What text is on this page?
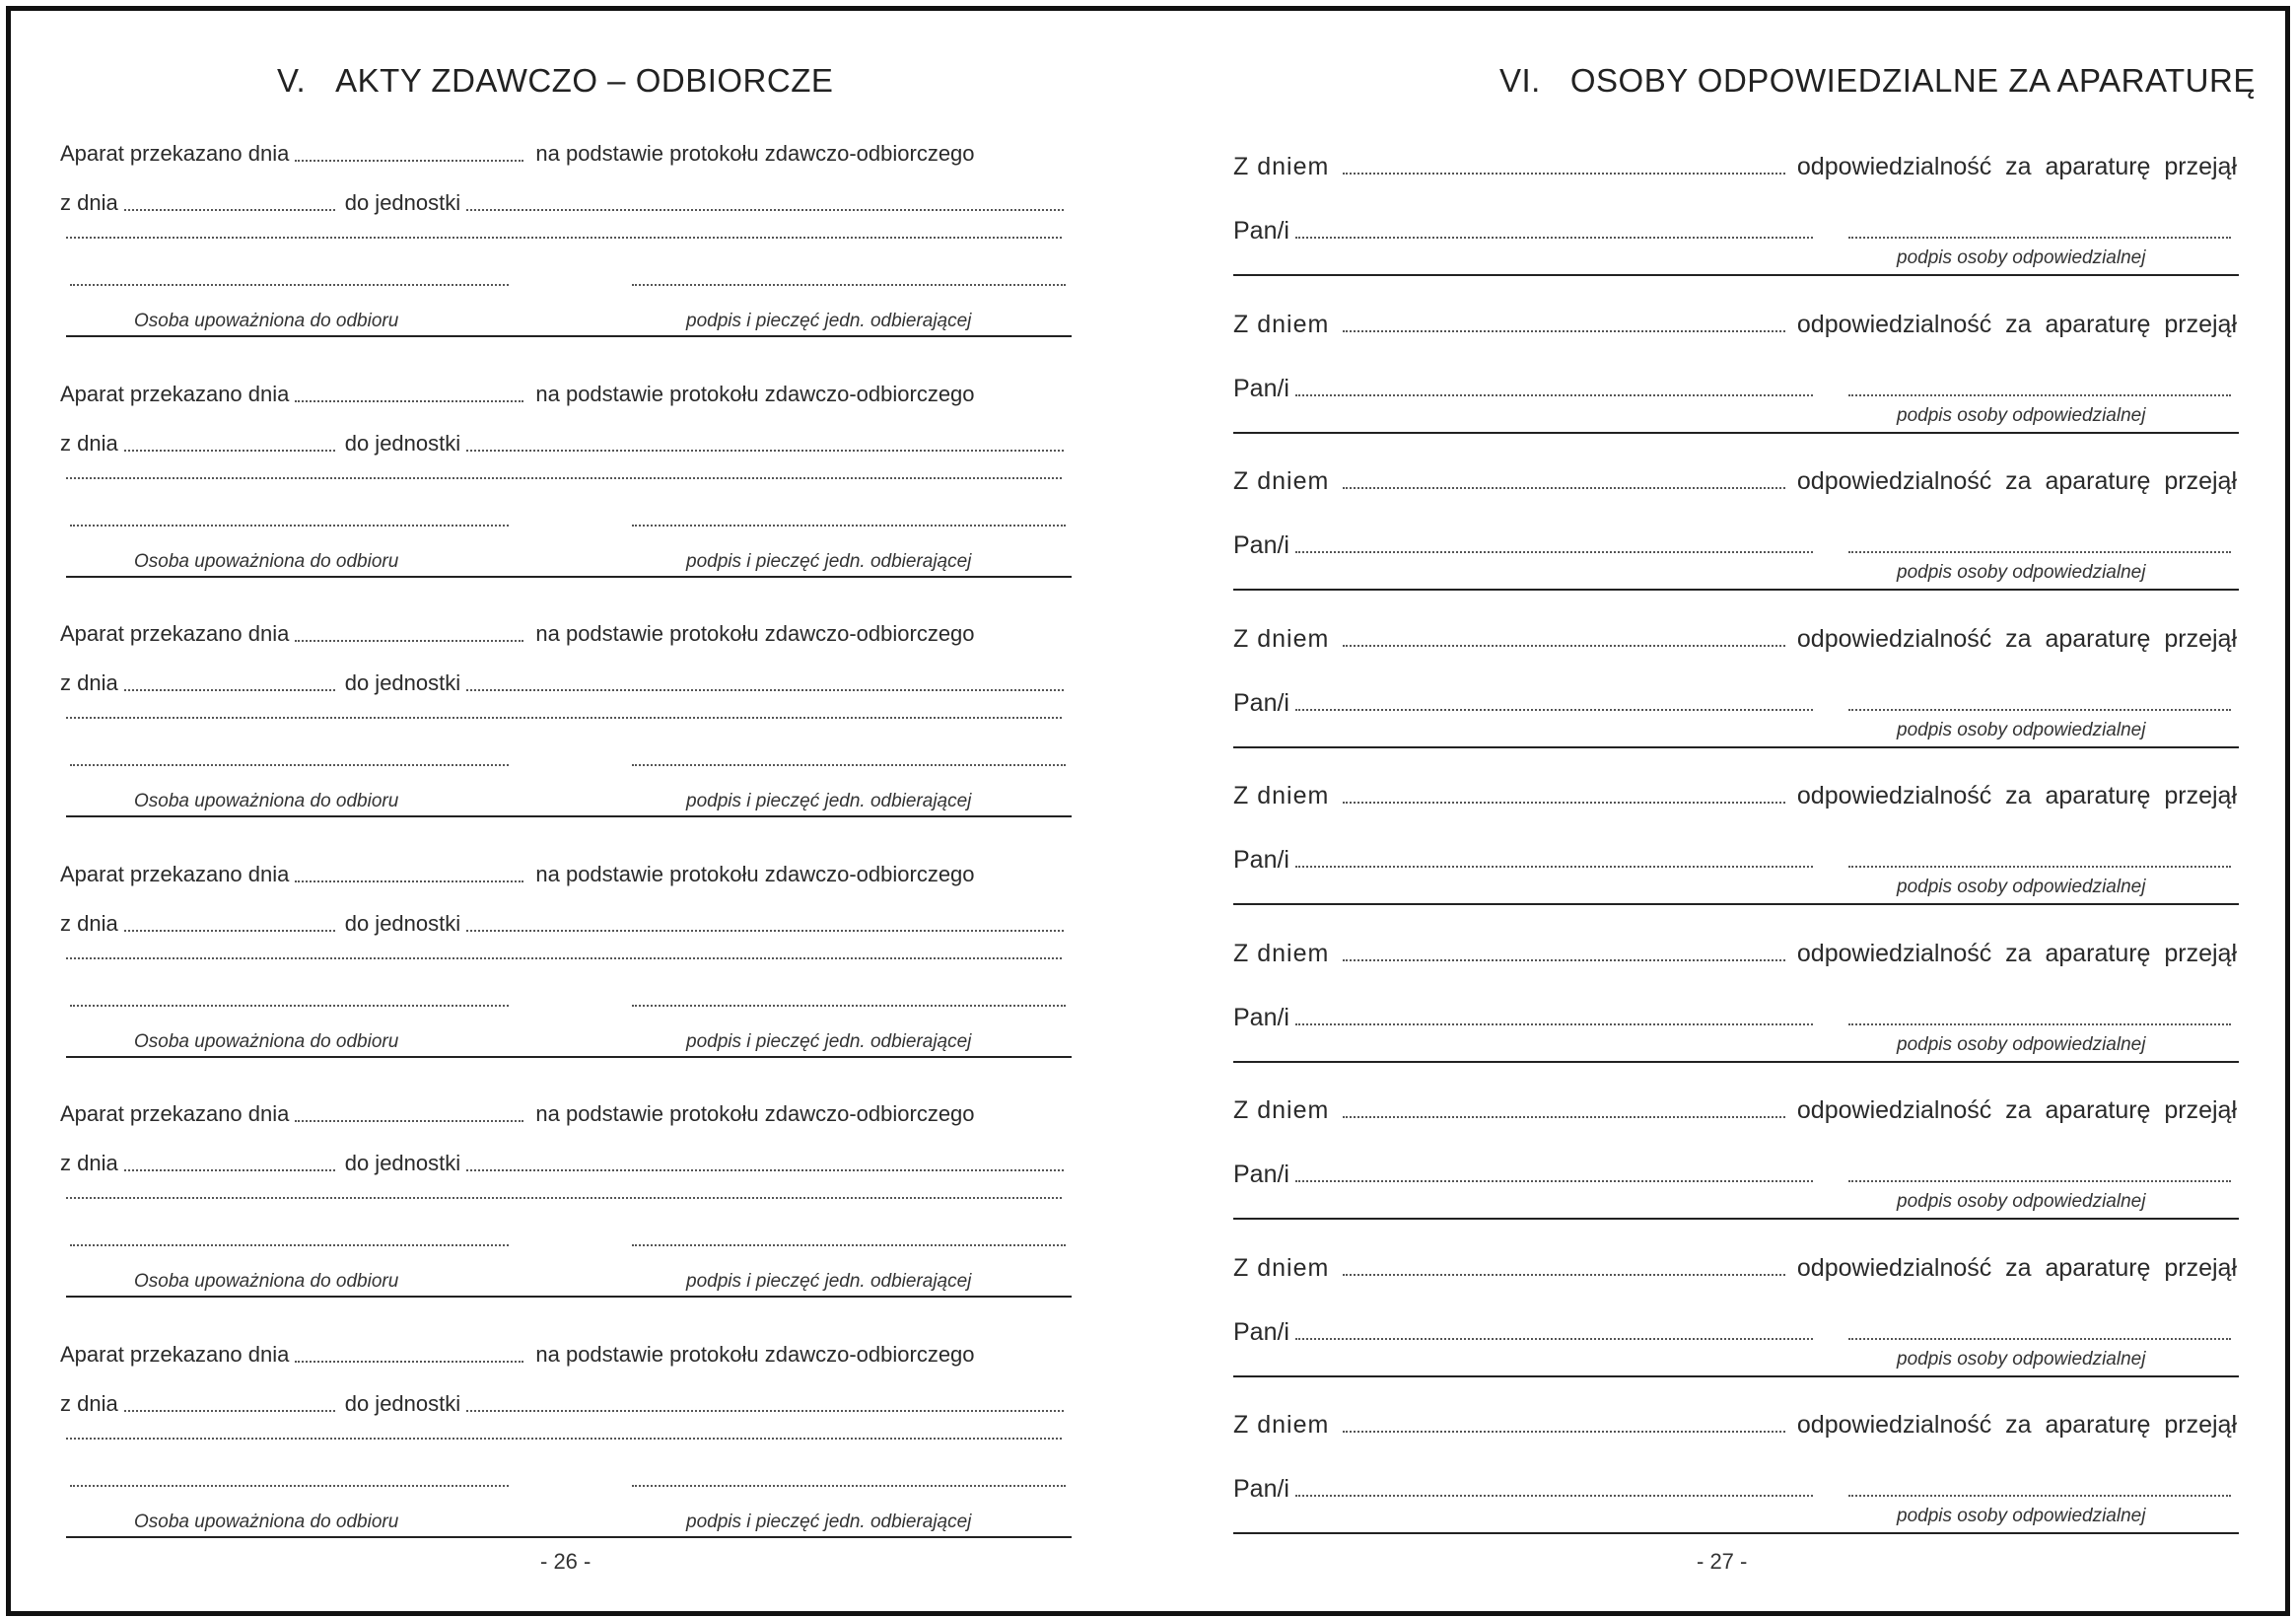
V. AKTY ZDAWCZO – ODBIORCZE
Aparat przekazano dnia	na podstawie protokołu zdawczo-odbiorczego
z dnia	do jednostki
Osoba upoważniona do odbioru	podpis i pieczęć jedn. odbierającej
Aparat przekazano dnia	na podstawie protokołu zdawczo-odbiorczego
z dnia	do jednostki
Osoba upoważniona do odbioru	podpis i pieczęć jedn. odbierającej
Aparat przekazano dnia	na podstawie protokołu zdawczo-odbiorczego
z dnia	do jednostki
Osoba upoważniona do odbioru	podpis i pieczęć jedn. odbierającej
Aparat przekazano dnia	na podstawie protokołu zdawczo-odbiorczego
z dnia	do jednostki
Osoba upoważniona do odbioru	podpis i pieczęć jedn. odbierającej
Aparat przekazano dnia	na podstawie protokołu zdawczo-odbiorczego
z dnia	do jednostki
Osoba upoważniona do odbioru	podpis i pieczęć jedn. odbierającej
Aparat przekazano dnia	na podstawie protokołu zdawczo-odbiorczego
z dnia	do jednostki
Osoba upoważniona do odbioru	podpis i pieczęć jedn. odbierającej
- 26 -
VI. OSOBY ODPOWIEDZIALNE ZA APARATURĘ
Z dniem	odpowiedzialność  za  aparaturę  przejął
Pan/i
podpis osoby odpowiedzialnej
Z dniem	odpowiedzialność  za  aparaturę  przejął
Pan/i
podpis osoby odpowiedzialnej
Z dniem	odpowiedzialność  za  aparaturę  przejął
Pan/i
podpis osoby odpowiedzialnej
Z dniem	odpowiedzialność  za  aparaturę  przejął
Pan/i
podpis osoby odpowiedzialnej
Z dniem	odpowiedzialność  za  aparaturę  przejął
Pan/i
podpis osoby odpowiedzialnej
Z dniem	odpowiedzialność  za  aparaturę  przejął
Pan/i
podpis osoby odpowiedzialnej
Z dniem	odpowiedzialność  za  aparaturę  przejął
Pan/i
podpis osoby odpowiedzialnej
Z dniem	odpowiedzialność  za  aparaturę  przejął
Pan/i
podpis osoby odpowiedzialnej
Z dniem	odpowiedzialność  za  aparaturę  przejął
Pan/i
podpis osoby odpowiedzialnej
- 27 -
